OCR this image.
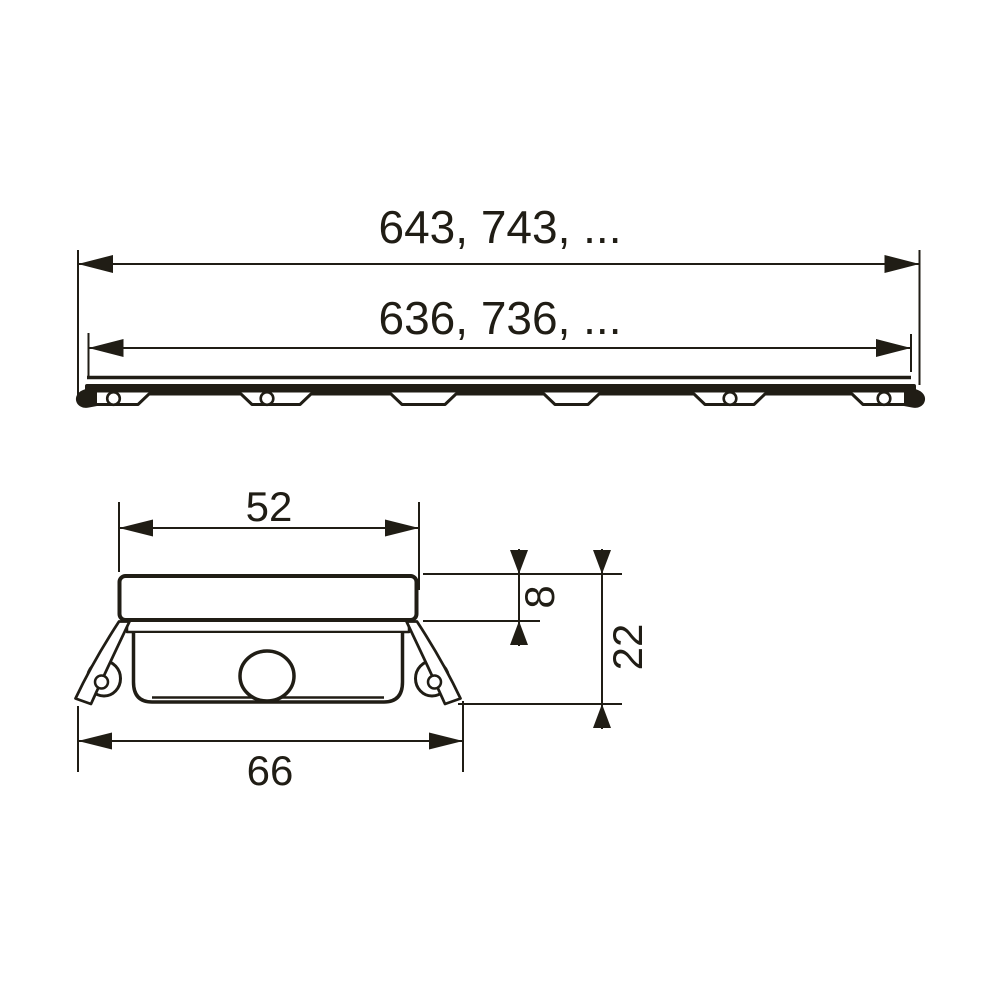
643, 743, ...
636, 736, ...
52
8
22
66
